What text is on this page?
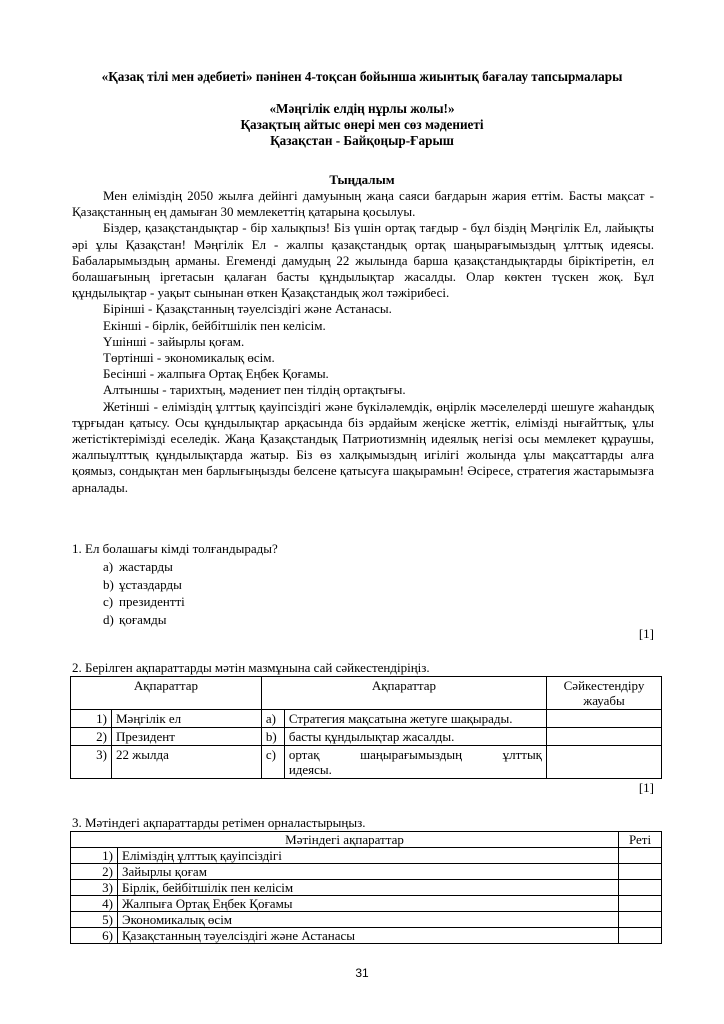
«Қазақ тілі мен әдебиеті» пәнінен 4-тоқсан бойынша жиынтық бағалау тапсырмалары
«Мәңгілік елдің нұрлы жолы!»
Қазақтың айтыс өнері мен сөз мәдениеті
Қазақстан - Байқоңыр-Ғарыш
Тыңдалым

Мен еліміздің 2050 жылға дейінгі дамуының жаңа саяси бағдарын жария еттім. Басты мақсат - Қазақстанның ең дамыған 30 мемлекеттің қатарына қосылуы.

Біздер, қазақстандықтар - бір халықпыз! Біз үшін ортақ тағдыр - бұл біздің Мәңгілік Ел, лайықты әрі ұлы Қазақстан! Мәңгілік Ел - жалпы қазақстандық ортақ шаңырағымыздың ұлттық идеясы. Бабаларымыздың арманы. Егеменді дамудың 22 жылында барша қазақстандықтарды біріктіретін, ел болашағының іргетасын қалаған басты құндылықтар жасалды. Олар көктен түскен жоқ. Бұл құндылықтар - уақыт сынынан өткен Қазақстандық жол тәжірибесі.

Бірінші - Қазақстанның тәуелсіздігі және Астанасы.
Екінші - бірлік, бейбітшілік пен келісім.
Үшінші - зайырлы қоғам.
Төртінші - экономикалық өсім.
Бесінші - жалпыға Ортақ Еңбек Қоғамы.
Алтыншы - тарихтың, мәдениет пен тілдің ортақтығы.

Жетінші - еліміздің ұлттық қауіпсіздігі және бүкіләлемдік, өңірлік мәселелерді шешуге жаһандық тұрғыдан қатысу. Осы құндылықтар арқасында біз әрдайым жеңіске жеттік, елімізді нығайттық, ұлы жетістіктерімізді еселедік. Жаңа Қазақстандық Патриотизмнің идеялық негізі осы мемлекет құраушы, жалпыұлттық құндылықтарда жатыр. Біз өз халқымыздың игілігі жолында ұлы мақсаттарды алға қоямыз, сондықтан мен барлығыңызды белсене қатысуға шақырамын! Әсіресе, стратегия жастарымызға арналады.

1. Ел болашағы кімді толғандырады?
a) жастарды
b) ұстаздарды
c) президентті
d) қоғамды
[1]
2. Берілген ақпараттарды мәтін мазмұнына сай сәйкестендіріңіз.
Ақпараттар		Ақпараттар		Сәйкестендіру жауабы
1)	Мәңгілік ел	a)	Стратегия мақсатына жетуге шақырады.	
2)	Президент	b)	басты құндылықтар жасалды.	
3)	22 жылда	c)	ортақ шаңырағымыздың ұлттық
идеясы.	

[1]
3. Мәтіндегі ақпараттарды ретімен орналастырыңыз.
Мәтіндегі ақпараттар		Реті
1)	Еліміздің ұлттық қауіпсіздігі	
2)	Зайырлы қоғам	
3)	Бірлік, бейбітшілік пен келісім	
4)	Жалпыға Ортақ Еңбек Қоғамы	
5)	Экономикалық өсім	
6)	Қазақстанның тәуелсіздігі және Астанасы	
31
